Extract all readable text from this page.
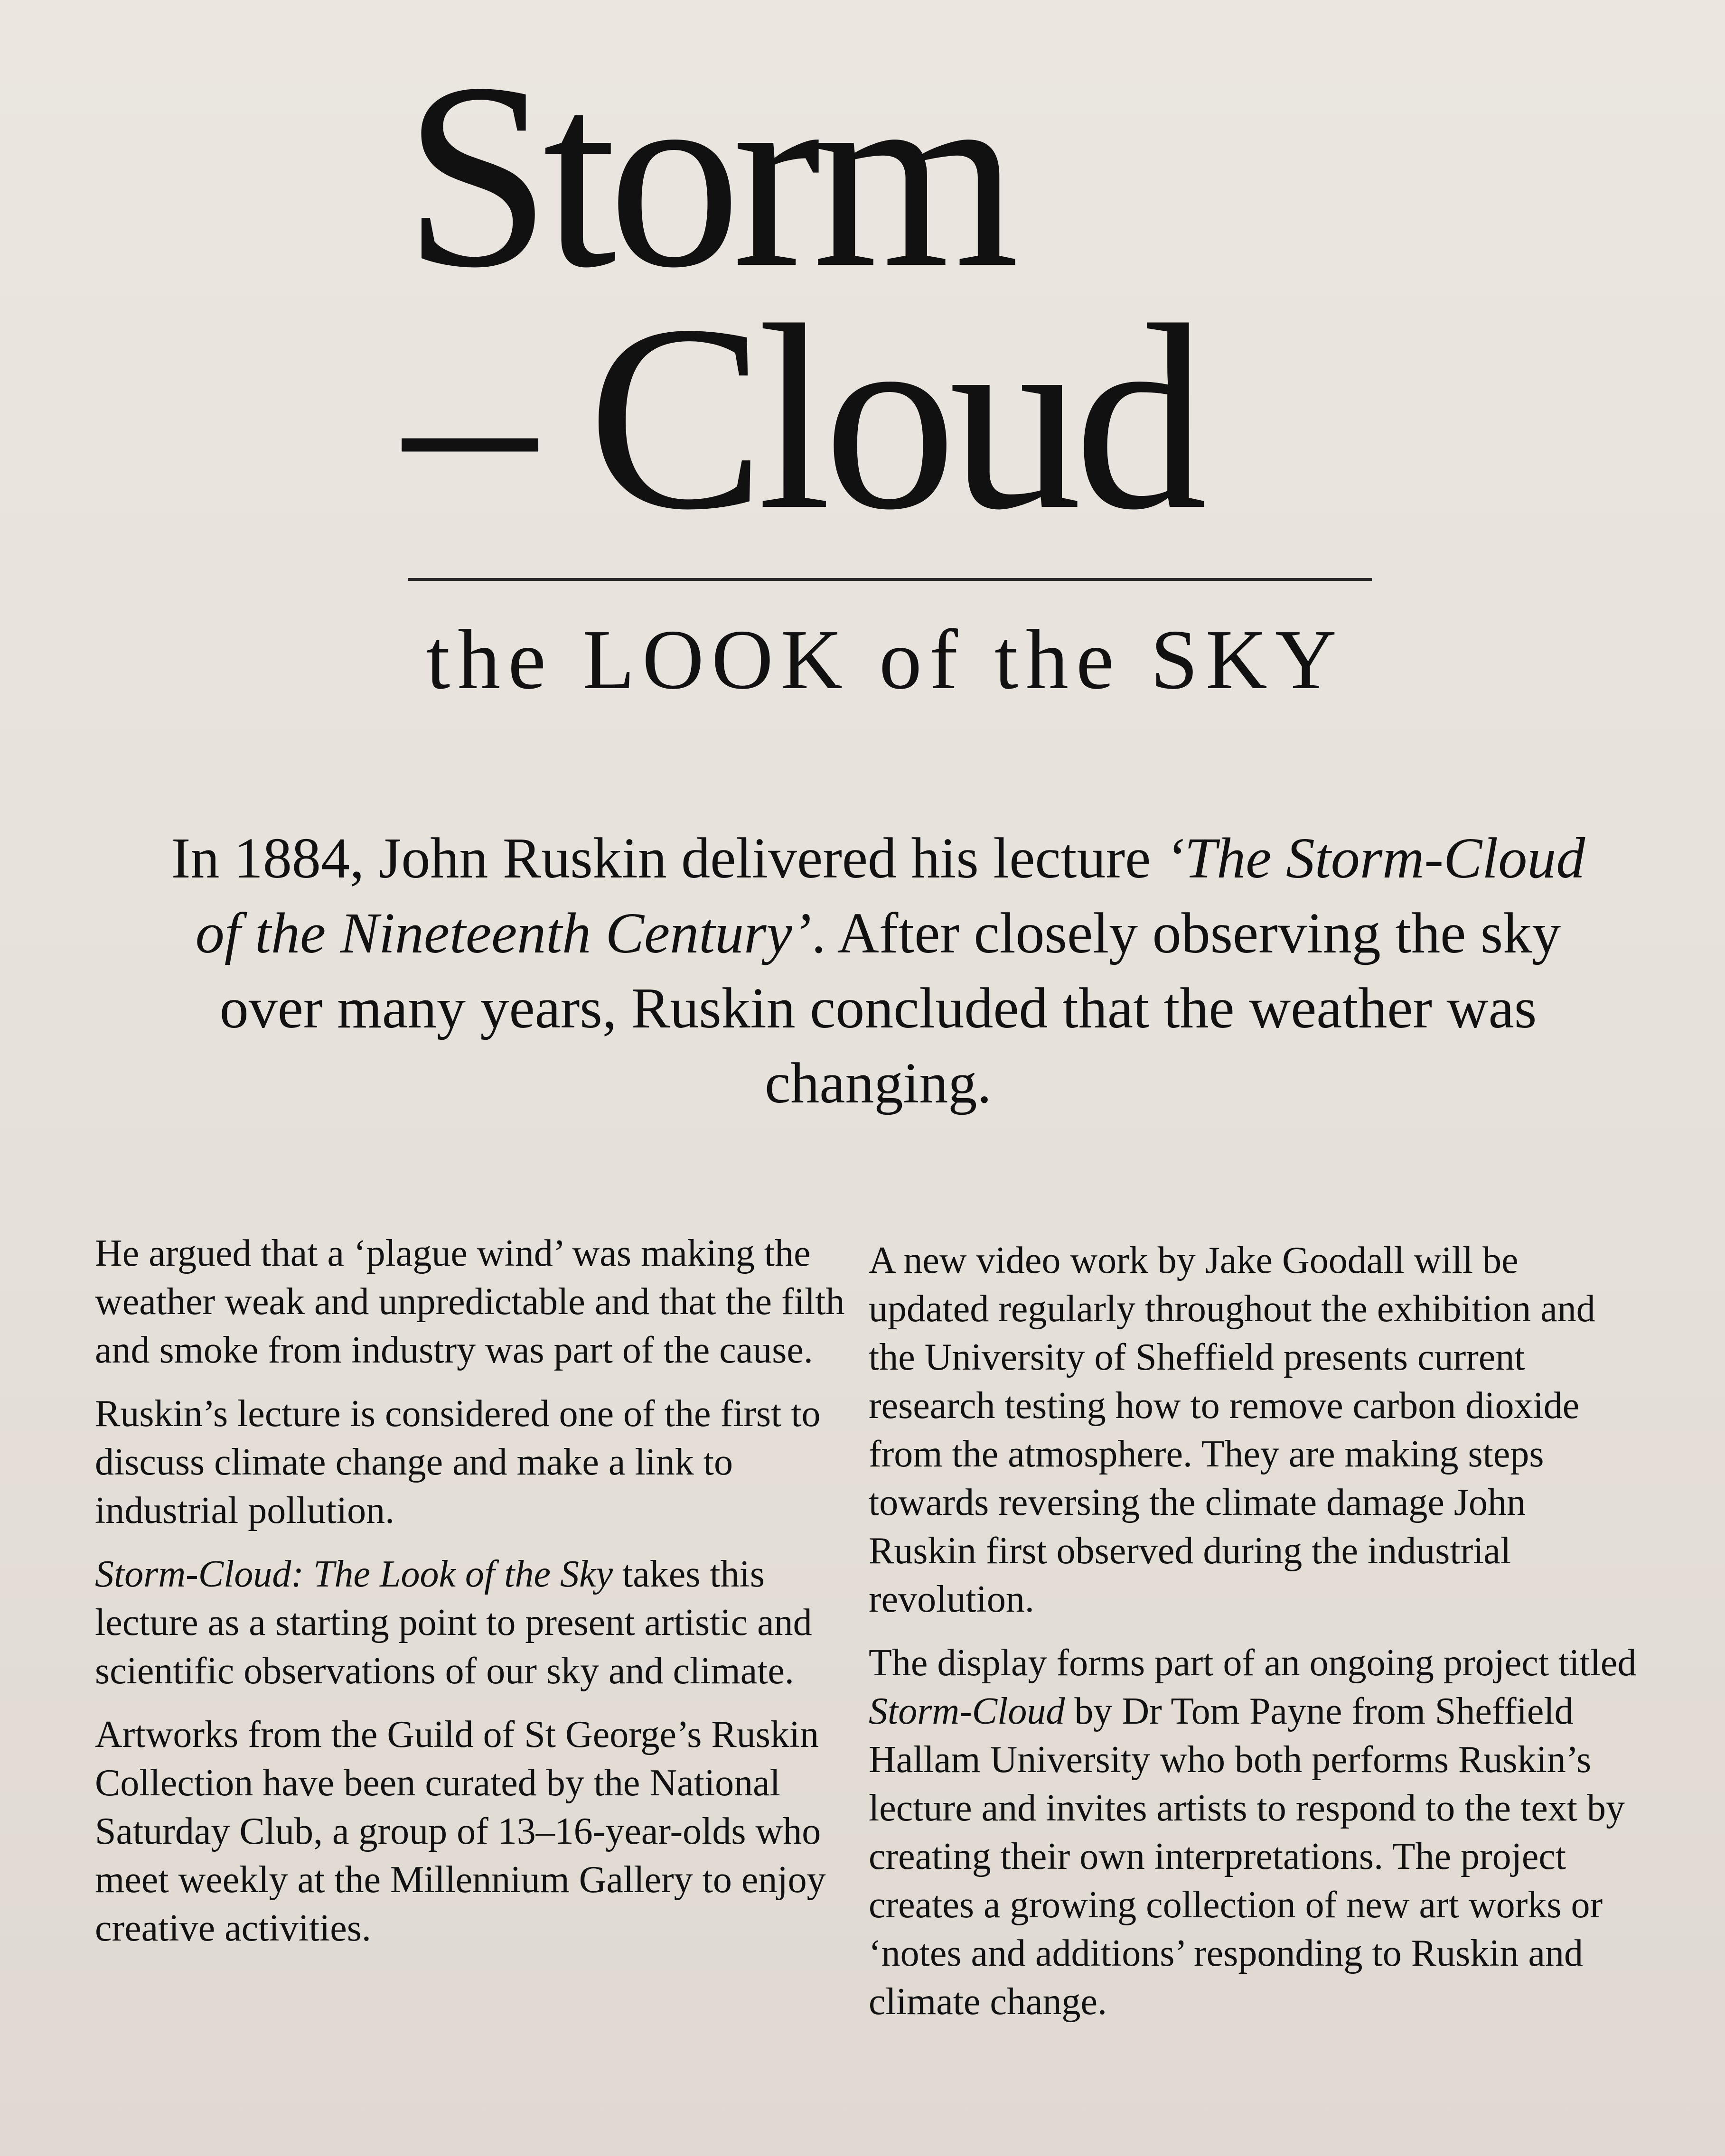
Storm
– Cloud
the LOOK of the SKY
In 1884, John Ruskin delivered his lecture ‘The Storm-Cloud of the Nineteenth Century’. After closely observing the sky over many years, Ruskin concluded that the weather was changing.

He argued that a ‘plague wind’ was making the weather weak and unpredictable and that the filth and smoke from industry was part of the cause.

Ruskin’s lecture is considered one of the first to discuss climate change and make a link to industrial pollution.

Storm-Cloud: The Look of the Sky takes this lecture as a starting point to present artistic and scientific observations of our sky and climate.

Artworks from the Guild of St George’s Ruskin Collection have been curated by the National Saturday Club, a group of 13–16-year-olds who meet weekly at the Millennium Gallery to enjoy creative activities.

A new video work by Jake Goodall will be updated regularly throughout the exhibition and the University of Sheffield presents current research testing how to remove carbon dioxide from the atmosphere. They are making steps towards reversing the climate damage John Ruskin first observed during the industrial revolution.

The display forms part of an ongoing project titled Storm-Cloud by Dr Tom Payne from Sheffield Hallam University who both performs Ruskin’s lecture and invites artists to respond to the text by creating their own interpretations. The project creates a growing collection of new art works or ‘notes and additions’ responding to Ruskin and climate change.
